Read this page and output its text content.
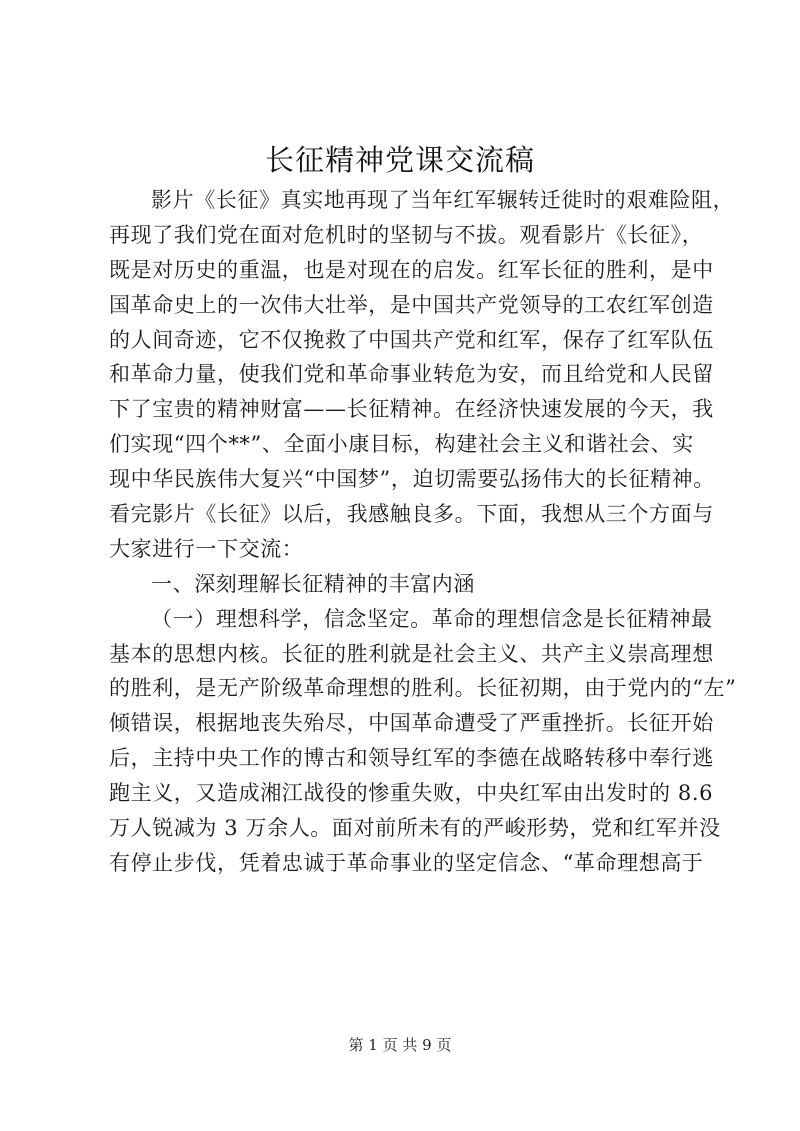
长征精神党课交流稿
影片《长征》真实地再现了当年红军辗转迁徙时的艰难险阻，
再现了我们党在面对危机时的坚韧与不拔。观看影片《长征》，
既是对历史的重温，也是对现在的启发。红军长征的胜利，是中
国革命史上的一次伟大壮举，是中国共产党领导的工农红军创造
的人间奇迹，它不仅挽救了中国共产党和红军，保存了红军队伍
和革命力量，使我们党和革命事业转危为安，而且给党和人民留
下了宝贵的精神财富——长征精神。在经济快速发展的今天，我
们实现“四个**”、全面小康目标，构建社会主义和谐社会、实
现中华民族伟大复兴“中国梦”，迫切需要弘扬伟大的长征精神。
看完影片《长征》以后，我感触良多。下面，我想从三个方面与
大家进行一下交流：
一、深刻理解长征精神的丰富内涵
（一）理想科学，信念坚定。革命的理想信念是长征精神最
基本的思想内核。长征的胜利就是社会主义、共产主义崇高理想
的胜利，是无产阶级革命理想的胜利。长征初期，由于党内的“左”
倾错误，根据地丧失殆尽，中国革命遭受了严重挫折。长征开始
后，主持中央工作的博古和领导红军的李德在战略转移中奉行逃
跑主义，又造成湘江战役的惨重失败，中央红军由出发时的 8.6
万人锐减为 3 万余人。面对前所未有的严峻形势，党和红军并没
有停止步伐，凭着忠诚于革命事业的坚定信念、“革命理想高于
第 1 页 共 9 页
